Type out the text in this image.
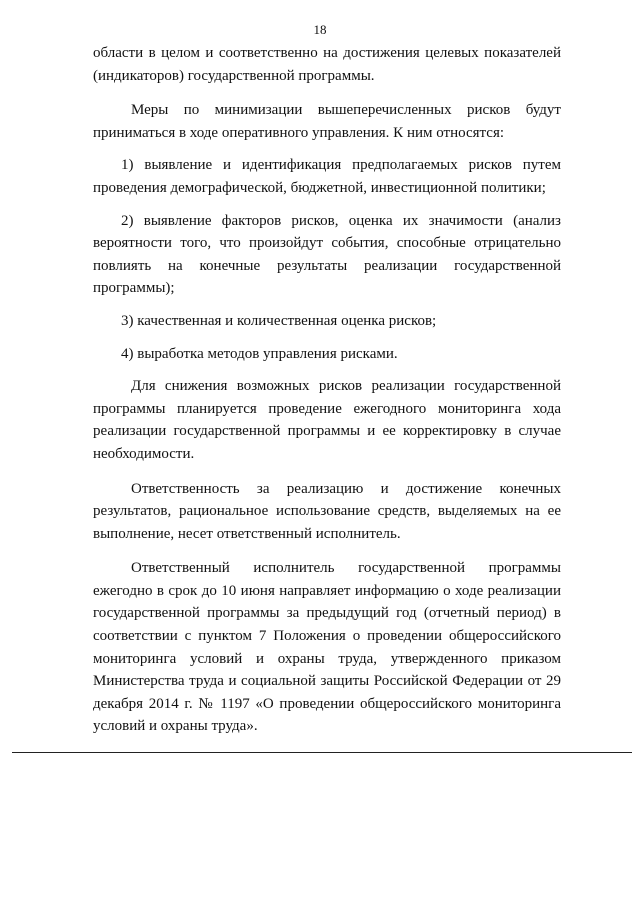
18

области в целом и соответственно на достижения целевых показателей (индикаторов) государственной программы.

Меры по минимизации вышеперечисленных рисков будут приниматься в ходе оперативного управления. К ним относятся:

1) выявление и идентификация предполагаемых рисков путем проведения демографической, бюджетной, инвестиционной политики;

2) выявление факторов рисков, оценка их значимости (анализ вероятности того, что произойдут события, способные отрицательно повлиять на конечные результаты реализации государственной программы);

3) качественная и количественная оценка рисков;

4) выработка методов управления рисками.

Для снижения возможных рисков реализации государственной программы планируется проведение ежегодного мониторинга хода реализации государственной программы и ее корректировку в случае необходимости.

Ответственность за реализацию и достижение конечных результатов, рациональное использование средств, выделяемых на ее выполнение, несет ответственный исполнитель.

Ответственный исполнитель государственной программы ежегодно в срок до 10 июня направляет информацию о ходе реализации государственной программы за предыдущий год (отчетный период) в соответствии с пунктом 7 Положения о проведении общероссийского мониторинга условий и охраны труда, утвержденного приказом Министерства труда и социальной защиты Российской Федерации от 29 декабря 2014 г. № 1197 «О проведении общероссийского мониторинга условий и охраны труда».
